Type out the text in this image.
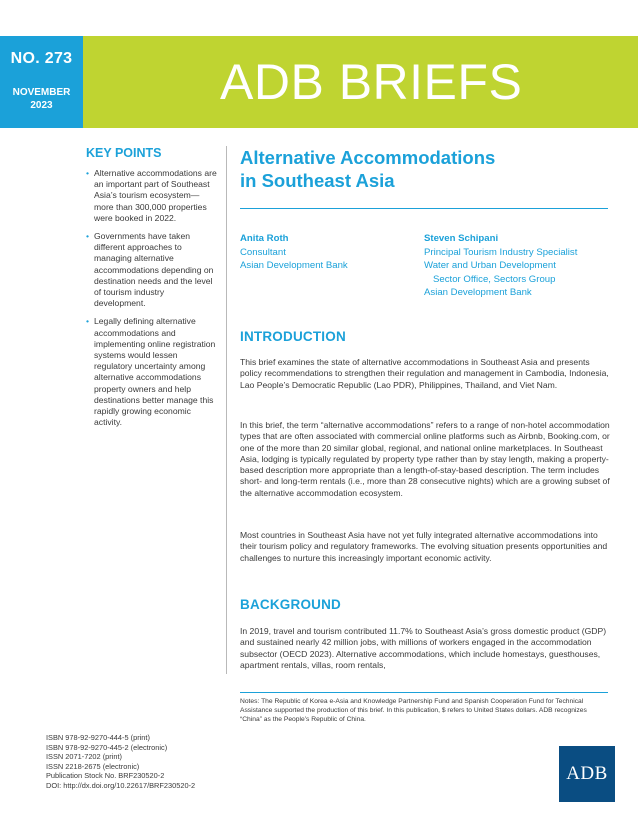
NO. 273
NOVEMBER
2023	ADB BRIEFS
KEY POINTS
• Alternative accommodations are an important part of Southeast Asia’s tourism ecosystem—more than 300,000 properties were booked in 2022.
• Governments have taken different approaches to managing alternative accommodations depending on destination needs and the level of tourism industry development.
• Legally defining alternative accommodations and implementing online registration systems would lessen regulatory uncertainty among alternative accommodations property owners and help destinations better manage this rapidly growing economic activity.
Alternative Accommodations
in Southeast Asia
Anita Roth
Consultant
Asian Development Bank
Steven Schipani
Principal Tourism Industry Specialist
Water and Urban Development
Sector Office, Sectors Group
Asian Development Bank
INTRODUCTION

This brief examines the state of alternative accommodations in Southeast Asia and presents policy recommendations to strengthen their regulation and management in Cambodia, Indonesia, Lao People’s Democratic Republic (Lao PDR), Philippines, Thailand, and Viet Nam.

In this brief, the term “alternative accommodations” refers to a range of non-hotel accommodation types that are often associated with commercial online platforms such as Airbnb, Booking.com, or one of the more than 20 similar global, regional, and national online marketplaces. In Southeast Asia, lodging is typically regulated by property type rather than by stay length, making a property-based description more appropriate than a length-of-stay-based description. The term includes short- and long-term rentals (i.e., more than 28 consecutive nights) which are a growing subset of the alternative accommodation ecosystem.

Most countries in Southeast Asia have not yet fully integrated alternative accommodations into their tourism policy and regulatory frameworks. The evolving situation presents opportunities and challenges to nurture this increasingly important economic activity.

BACKGROUND

In 2019, travel and tourism contributed 11.7% to Southeast Asia’s gross domestic product (GDP) and sustained nearly 42 million jobs, with millions of workers engaged in the accommodation subsector (OECD 2023). Alternative accommodations, which include homestays, guesthouses, apartment rentals, villas, room rentals,

Notes: The Republic of Korea e-Asia and Knowledge Partnership Fund and Spanish Cooperation Fund for Technical Assistance supported the production of this brief. In this publication, $ refers to United States dollars. ADB recognizes “China” as the People’s Republic of China.
ISBN 978-92-9270-444-5 (print)
ISBN 978-92-9270-445-2 (electronic)
ISSN 2071-7202 (print)
ISSN 2218-2675 (electronic)
Publication Stock No. BRF230520-2
DOI: http://dx.doi.org/10.22617/BRF230520-2
ADB
